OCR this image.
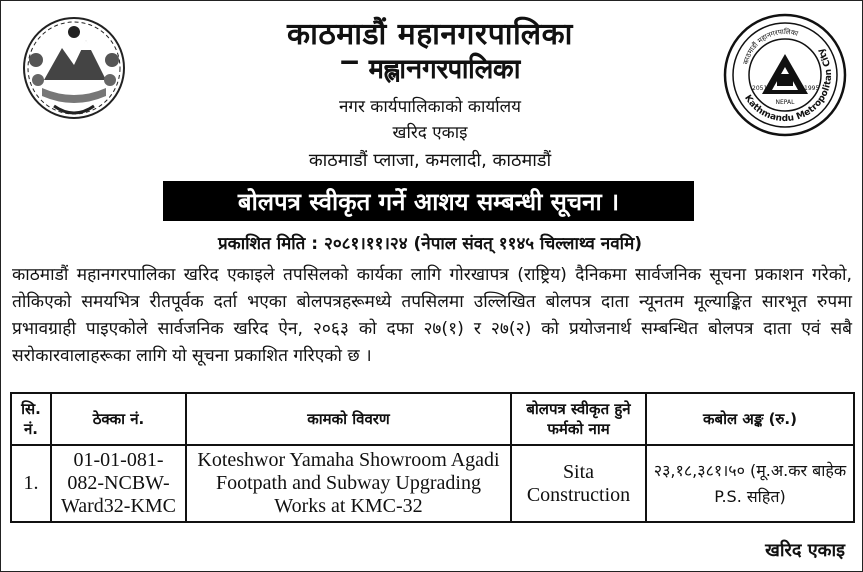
काठमाडौं महानगरपालिका
ꣻ मह्लानगरपालिका
नगर कार्यपालिकाको कार्यालय
खरिद एकाइ
काठमाडौं प्लाजा, कमलादी, काठमाडौं
Kathmandu Metropolitan City
काठमाडौं महानगरपालिका
2051	1995
NEPAL
बोलपत्र स्वीकृत गर्ने आशय सम्बन्धी सूचना ।
प्रकाशित मिति : २०८१।११।२४ (नेपाल संवत् ११४५ चिल्लाथ्व नवमि)
काठमाडौं महानगरपालिका खरिद एकाइले तपसिलको कार्यका लागि गोरखापत्र (राष्ट्रिय) दैनिकमा सार्वजनिक सूचना प्रकाशन गरेको, तोकिएको समयभित्र रीतपूर्वक दर्ता भएका बोलपत्रहरूमध्ये तपसिलमा उल्लिखित बोलपत्र दाता न्यूनतम मूल्याङ्कित सारभूत रुपमा प्रभावग्राही पाइएकोले सार्वजनिक खरिद ऐन, २०६३ को दफा २७(१) र २७(२) को प्रयोजनार्थ सम्बन्धित बोलपत्र दाता एवं सबै सरोकारवालाहरूका लागि यो सूचना प्रकाशित गरिएको छ ।
सि. नं.	ठेक्का नं.	कामको विवरण	बोलपत्र स्वीकृत हुने फर्मको नाम	कबोल अङ्क (रु.)
1.	01-01-081-082-NCBW-Ward32-KMC	Koteshwor Yamaha Showroom Agadi Footpath and Subway Upgrading Works at KMC-32	Sita Construction	२३,१८,३८१।५० (मू.अ.कर बाहेक P.S. सहित)
खरिद एकाइ
